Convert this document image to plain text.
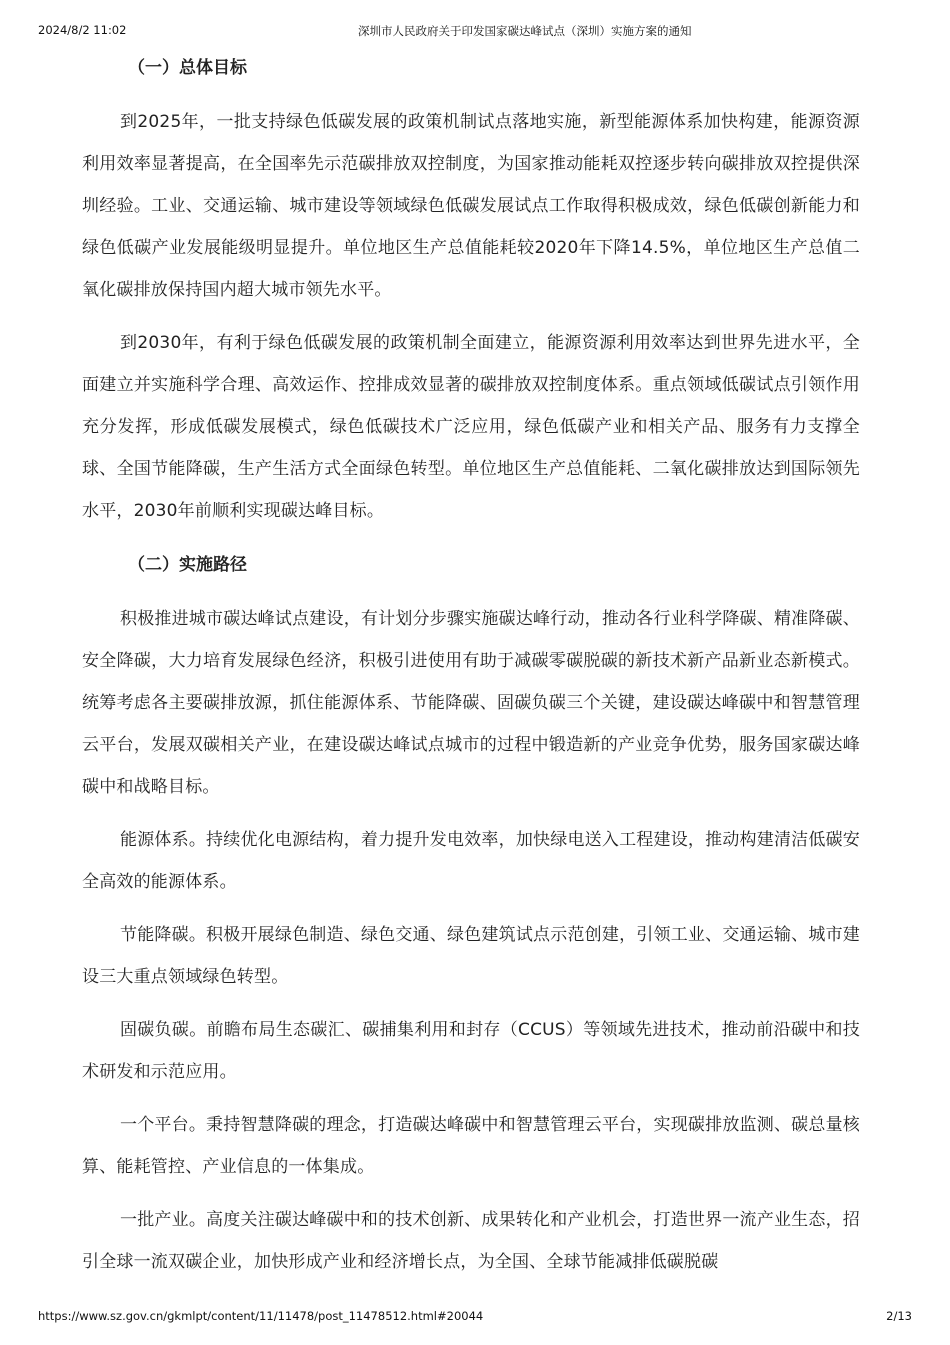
2024/8/2 11:02	深圳市人民政府关于印发国家碳达峰试点（深圳）实施方案的通知
（一）总体目标

到2025年，一批支持绿色低碳发展的政策机制试点落地实施，新型能源体系加快构建，能源资源利用效率显著提高，在全国率先示范碳排放双控制度，为国家推动能耗双控逐步转向碳排放双控提供深圳经验。工业、交通运输、城市建设等领域绿色低碳发展试点工作取得积极成效，绿色低碳创新能力和绿色低碳产业发展能级明显提升。单位地区生产总值能耗较2020年下降14.5%，单位地区生产总值二氧化碳排放保持国内超大城市领先水平。

到2030年，有利于绿色低碳发展的政策机制全面建立，能源资源利用效率达到世界先进水平，全面建立并实施科学合理、高效运作、控排成效显著的碳排放双控制度体系。重点领域低碳试点引领作用充分发挥，形成低碳发展模式，绿色低碳技术广泛应用，绿色低碳产业和相关产品、服务有力支撑全球、全国节能降碳，生产生活方式全面绿色转型。单位地区生产总值能耗、二氧化碳排放达到国际领先水平，2030年前顺利实现碳达峰目标。

（二）实施路径

积极推进城市碳达峰试点建设，有计划分步骤实施碳达峰行动，推动各行业科学降碳、精准降碳、安全降碳，大力培育发展绿色经济，积极引进使用有助于减碳零碳脱碳的新技术新产品新业态新模式。统筹考虑各主要碳排放源，抓住能源体系、节能降碳、固碳负碳三个关键，建设碳达峰碳中和智慧管理云平台，发展双碳相关产业，在建设碳达峰试点城市的过程中锻造新的产业竞争优势，服务国家碳达峰碳中和战略目标。

能源体系。持续优化电源结构，着力提升发电效率，加快绿电送入工程建设，推动构建清洁低碳安全高效的能源体系。

节能降碳。积极开展绿色制造、绿色交通、绿色建筑试点示范创建，引领工业、交通运输、城市建设三大重点领域绿色转型。

固碳负碳。前瞻布局生态碳汇、碳捕集利用和封存（CCUS）等领域先进技术，推动前沿碳中和技术研发和示范应用。

一个平台。秉持智慧降碳的理念，打造碳达峰碳中和智慧管理云平台，实现碳排放监测、碳总量核算、能耗管控、产业信息的一体集成。

一批产业。高度关注碳达峰碳中和的技术创新、成果转化和产业机会，打造世界一流产业生态，招引全球一流双碳企业，加快形成产业和经济增长点，为全国、全球节能减排低碳脱碳

https://www.sz.gov.cn/gkmlpt/content/11/11478/post_11478512.html#20044	2/13
